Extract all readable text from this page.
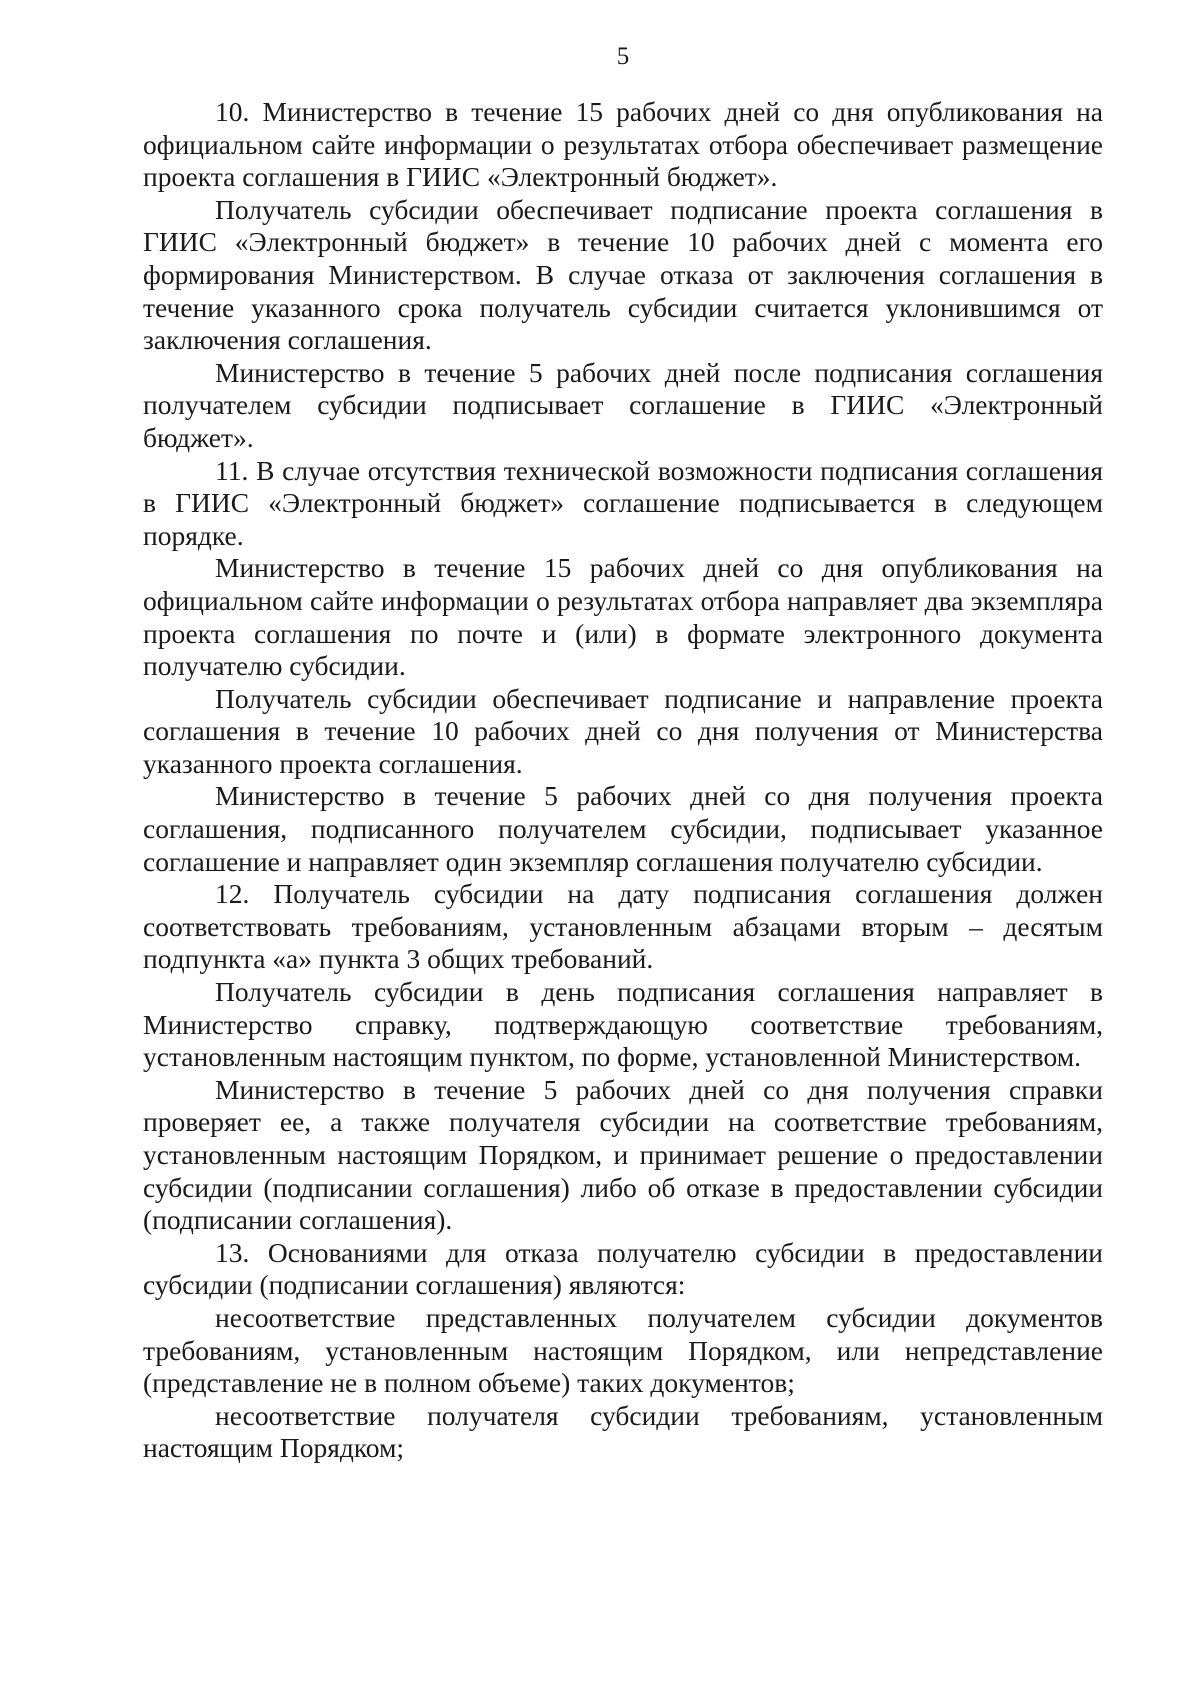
5

10. Министерство в течение 15 рабочих дней со дня опубликования на официальном сайте информации о результатах отбора обеспечивает размещение проекта соглашения в ГИИС «Электронный бюджет».

Получатель субсидии обеспечивает подписание проекта соглашения в ГИИС «Электронный бюджет» в течение 10 рабочих дней с момента его формирования Министерством. В случае отказа от заключения соглашения в течение указанного срока получатель субсидии считается уклонившимся от заключения соглашения.

Министерство в течение 5 рабочих дней после подписания соглашения получателем субсидии подписывает соглашение в ГИИС «Электронный бюджет».

11. В случае отсутствия технической возможности подписания соглашения в ГИИС «Электронный бюджет» соглашение подписывается в следующем порядке.

Министерство в течение 15 рабочих дней со дня опубликования на официальном сайте информации о результатах отбора направляет два экземпляра проекта соглашения по почте и (или) в формате электронного документа получателю субсидии.

Получатель субсидии обеспечивает подписание и направление проекта соглашения в течение 10 рабочих дней со дня получения от Министерства указанного проекта соглашения.

Министерство в течение 5 рабочих дней со дня получения проекта соглашения, подписанного получателем субсидии, подписывает указанное соглашение и направляет один экземпляр соглашения получателю субсидии.

12. Получатель субсидии на дату подписания соглашения должен соответствовать требованиям, установленным абзацами вторым – десятым подпункта «а» пункта 3 общих требований.

Получатель субсидии в день подписания соглашения направляет в Министерство справку, подтверждающую соответствие требованиям, установленным настоящим пунктом, по форме, установленной Министерством.

Министерство в течение 5 рабочих дней со дня получения справки проверяет ее, а также получателя субсидии на соответствие требованиям, установленным настоящим Порядком, и принимает решение о предоставлении субсидии (подписании соглашения) либо об отказе в предоставлении субсидии (подписании соглашения).

13. Основаниями для отказа получателю субсидии в предоставлении субсидии (подписании соглашения) являются:

несоответствие представленных получателем субсидии документов требованиям, установленным настоящим Порядком, или непредставление (представление не в полном объеме) таких документов;

несоответствие получателя субсидии требованиям, установленным настоящим Порядком;
